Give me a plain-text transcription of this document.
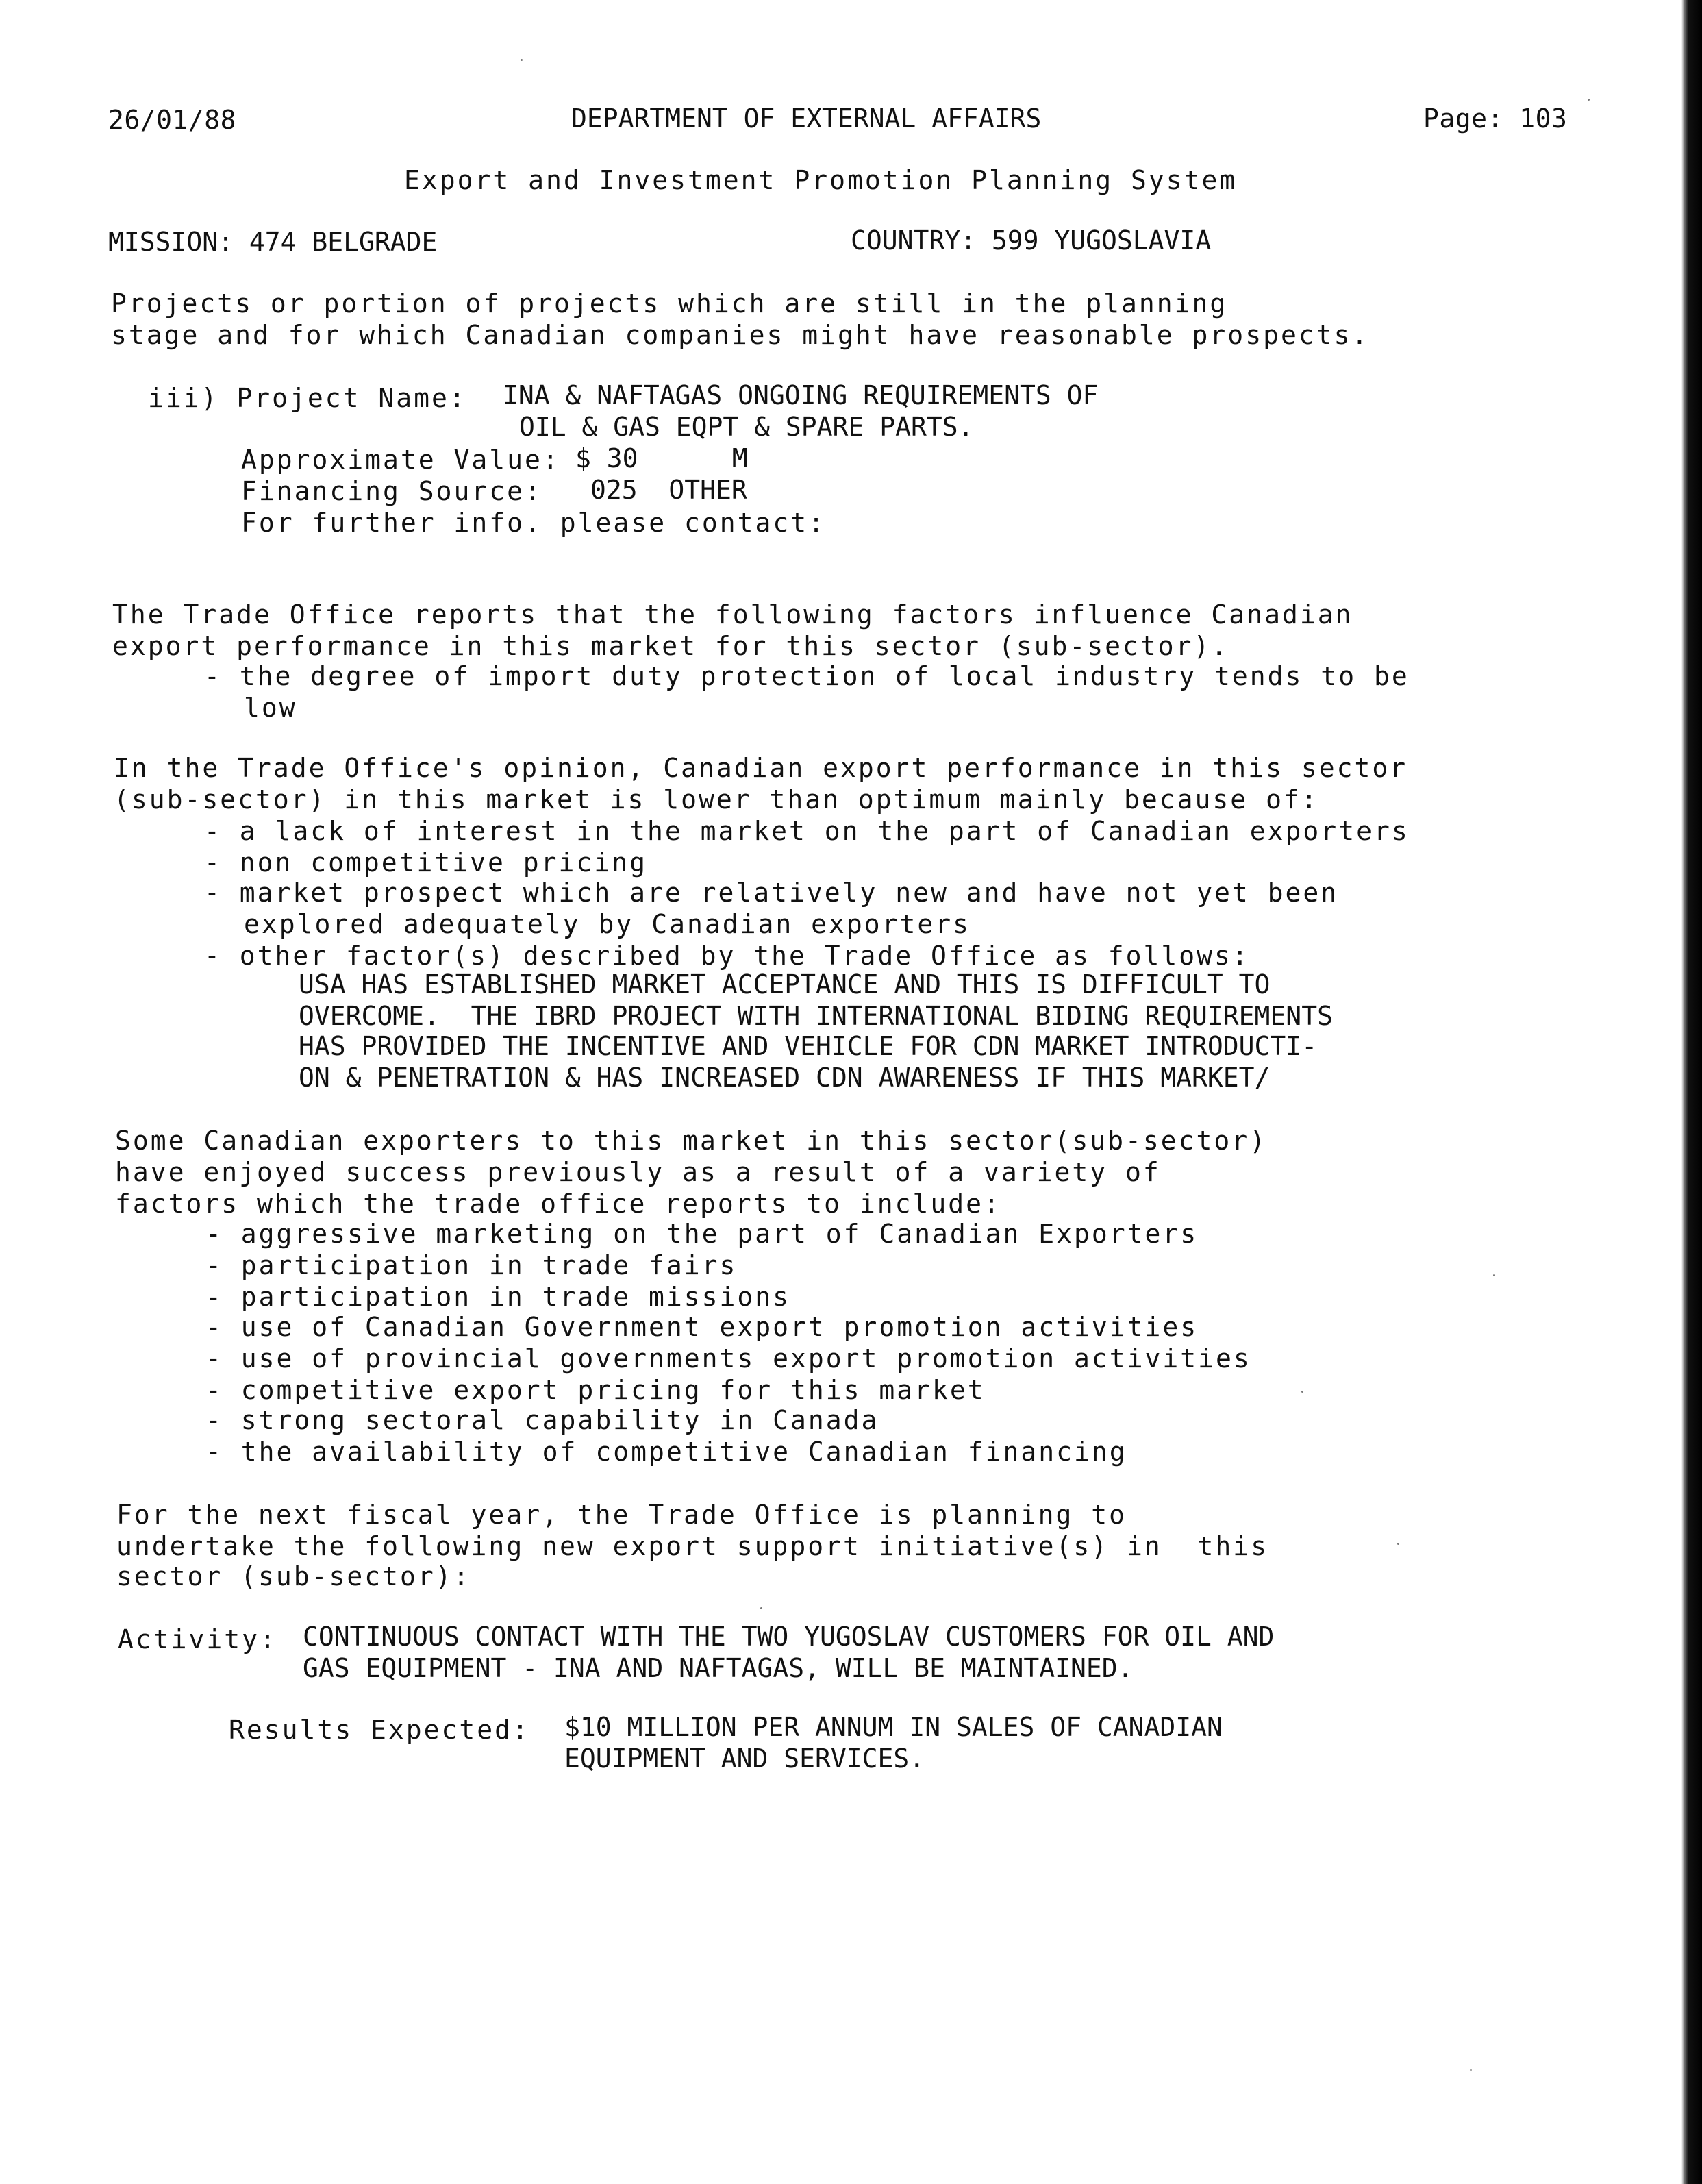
26/01/88	DEPARTMENT OF EXTERNAL AFFAIRS	Page: 103
Export and Investment Promotion Planning System
MISSION: 474 BELGRADE	COUNTRY: 599 YUGOSLAVIA
Projects or portion of projects which are still in the planning
stage and for which Canadian companies might have reasonable prospects.
iii) Project Name: INA & NAFTAGAS ONGOING REQUIREMENTS OF
OIL & GAS EQPT & SPARE PARTS.
Approximate Value: $ 30      M
Financing Source: 025  OTHER
For further info. please contact:
The Trade Office reports that the following factors influence Canadian
export performance in this market for this sector (sub-sector).
- the degree of import duty protection of local industry tends to be
low
In the Trade Office's opinion, Canadian export performance in this sector
(sub-sector) in this market is lower than optimum mainly because of:
- a lack of interest in the market on the part of Canadian exporters
- non competitive pricing
- market prospect which are relatively new and have not yet been
explored adequately by Canadian exporters
- other factor(s) described by the Trade Office as follows:
USA HAS ESTABLISHED MARKET ACCEPTANCE AND THIS IS DIFFICULT TO
OVERCOME.  THE IBRD PROJECT WITH INTERNATIONAL BIDING REQUIREMENTS
HAS PROVIDED THE INCENTIVE AND VEHICLE FOR CDN MARKET INTRODUCTI-
ON & PENETRATION & HAS INCREASED CDN AWARENESS IF THIS MARKET/
Some Canadian exporters to this market in this sector(sub-sector)
have enjoyed success previously as a result of a variety of
factors which the trade office reports to include:
- aggressive marketing on the part of Canadian Exporters
- participation in trade fairs
- participation in trade missions
- use of Canadian Government export promotion activities
- use of provincial governments export promotion activities
- competitive export pricing for this market
- strong sectoral capability in Canada
- the availability of competitive Canadian financing
For the next fiscal year, the Trade Office is planning to
undertake the following new export support initiative(s) in  this
sector (sub-sector):
Activity: CONTINUOUS CONTACT WITH THE TWO YUGOSLAV CUSTOMERS FOR OIL AND
GAS EQUIPMENT - INA AND NAFTAGAS, WILL BE MAINTAINED.
Results Expected: $10 MILLION PER ANNUM IN SALES OF CANADIAN
EQUIPMENT AND SERVICES.
